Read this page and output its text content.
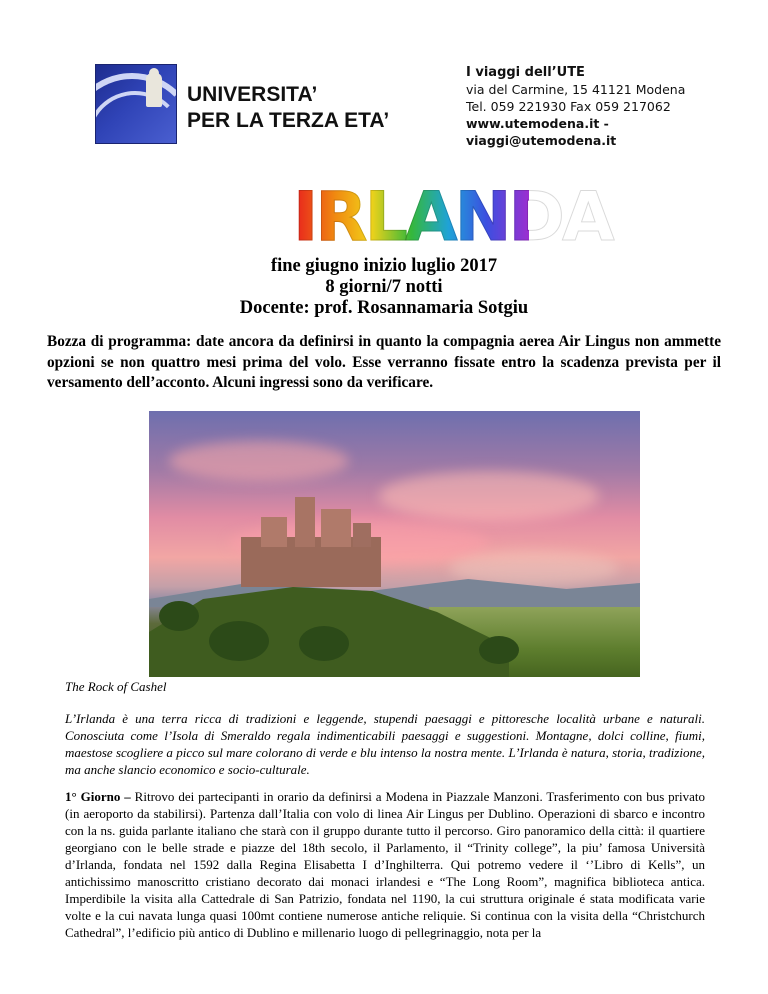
UNIVERSITA’
PER LA TERZA ETA’
I viaggi dell’UTE
via del Carmine, 15 41121 Modena
Tel. 059 221930 Fax 059 217062
www.utemodena.it -
viaggi@utemodena.it
IRLANDA
fine giugno inizio luglio 2017
8 giorni/7 notti
Docente: prof. Rosannamaria Sotgiu
Bozza di programma: date ancora da definirsi in quanto la compagnia aerea Air Lingus non ammette opzioni se non quattro mesi prima del volo. Esse verranno fissate entro la scadenza prevista per il versamento dell’acconto. Alcuni ingressi sono da verificare.
The Rock of Cashel
L’Irlanda è una terra ricca di tradizioni e leggende, stupendi paesaggi e pittoresche località urbane e naturali. Conosciuta come l’Isola di Smeraldo regala indimenticabili paesaggi e suggestioni. Montagne, dolci colline, fiumi, maestose scogliere a picco sul mare colorano di verde e blu intenso la nostra mente. L’Irlanda è natura, storia, tradizione, ma anche slancio economico e socio-culturale.
1° Giorno – Ritrovo dei partecipanti in orario da definirsi a Modena in Piazzale Manzoni. Trasferimento con bus privato (in aeroporto da stabilirsi). Partenza dall’Italia con volo di linea Air Lingus per Dublino. Operazioni di sbarco e incontro con la ns. guida parlante italiano che starà con il gruppo durante tutto il percorso. Giro panoramico della città: il quartiere georgiano con le belle strade e piazze del 18th secolo, il Parlamento, il “Trinity college”, la piu’ famosa Università d’Irlanda, fondata nel 1592 dalla Regina Elisabetta I d’Inghilterra. Qui potremo vedere il ‘’Libro di Kells”, un antichissimo manoscritto cristiano decorato dai monaci irlandesi e “The Long Room”, magnifica biblioteca antica. Imperdibile la visita alla Cattedrale di San Patrizio, fondata nel 1190, la cui struttura originale é stata modificata varie volte e la cui navata lunga quasi 100mt contiene numerose antiche reliquie. Si continua con la visita della “Christchurch Cathedral”, l’edificio più antico di Dublino e millenario luogo di pellegrinaggio, nota per la
